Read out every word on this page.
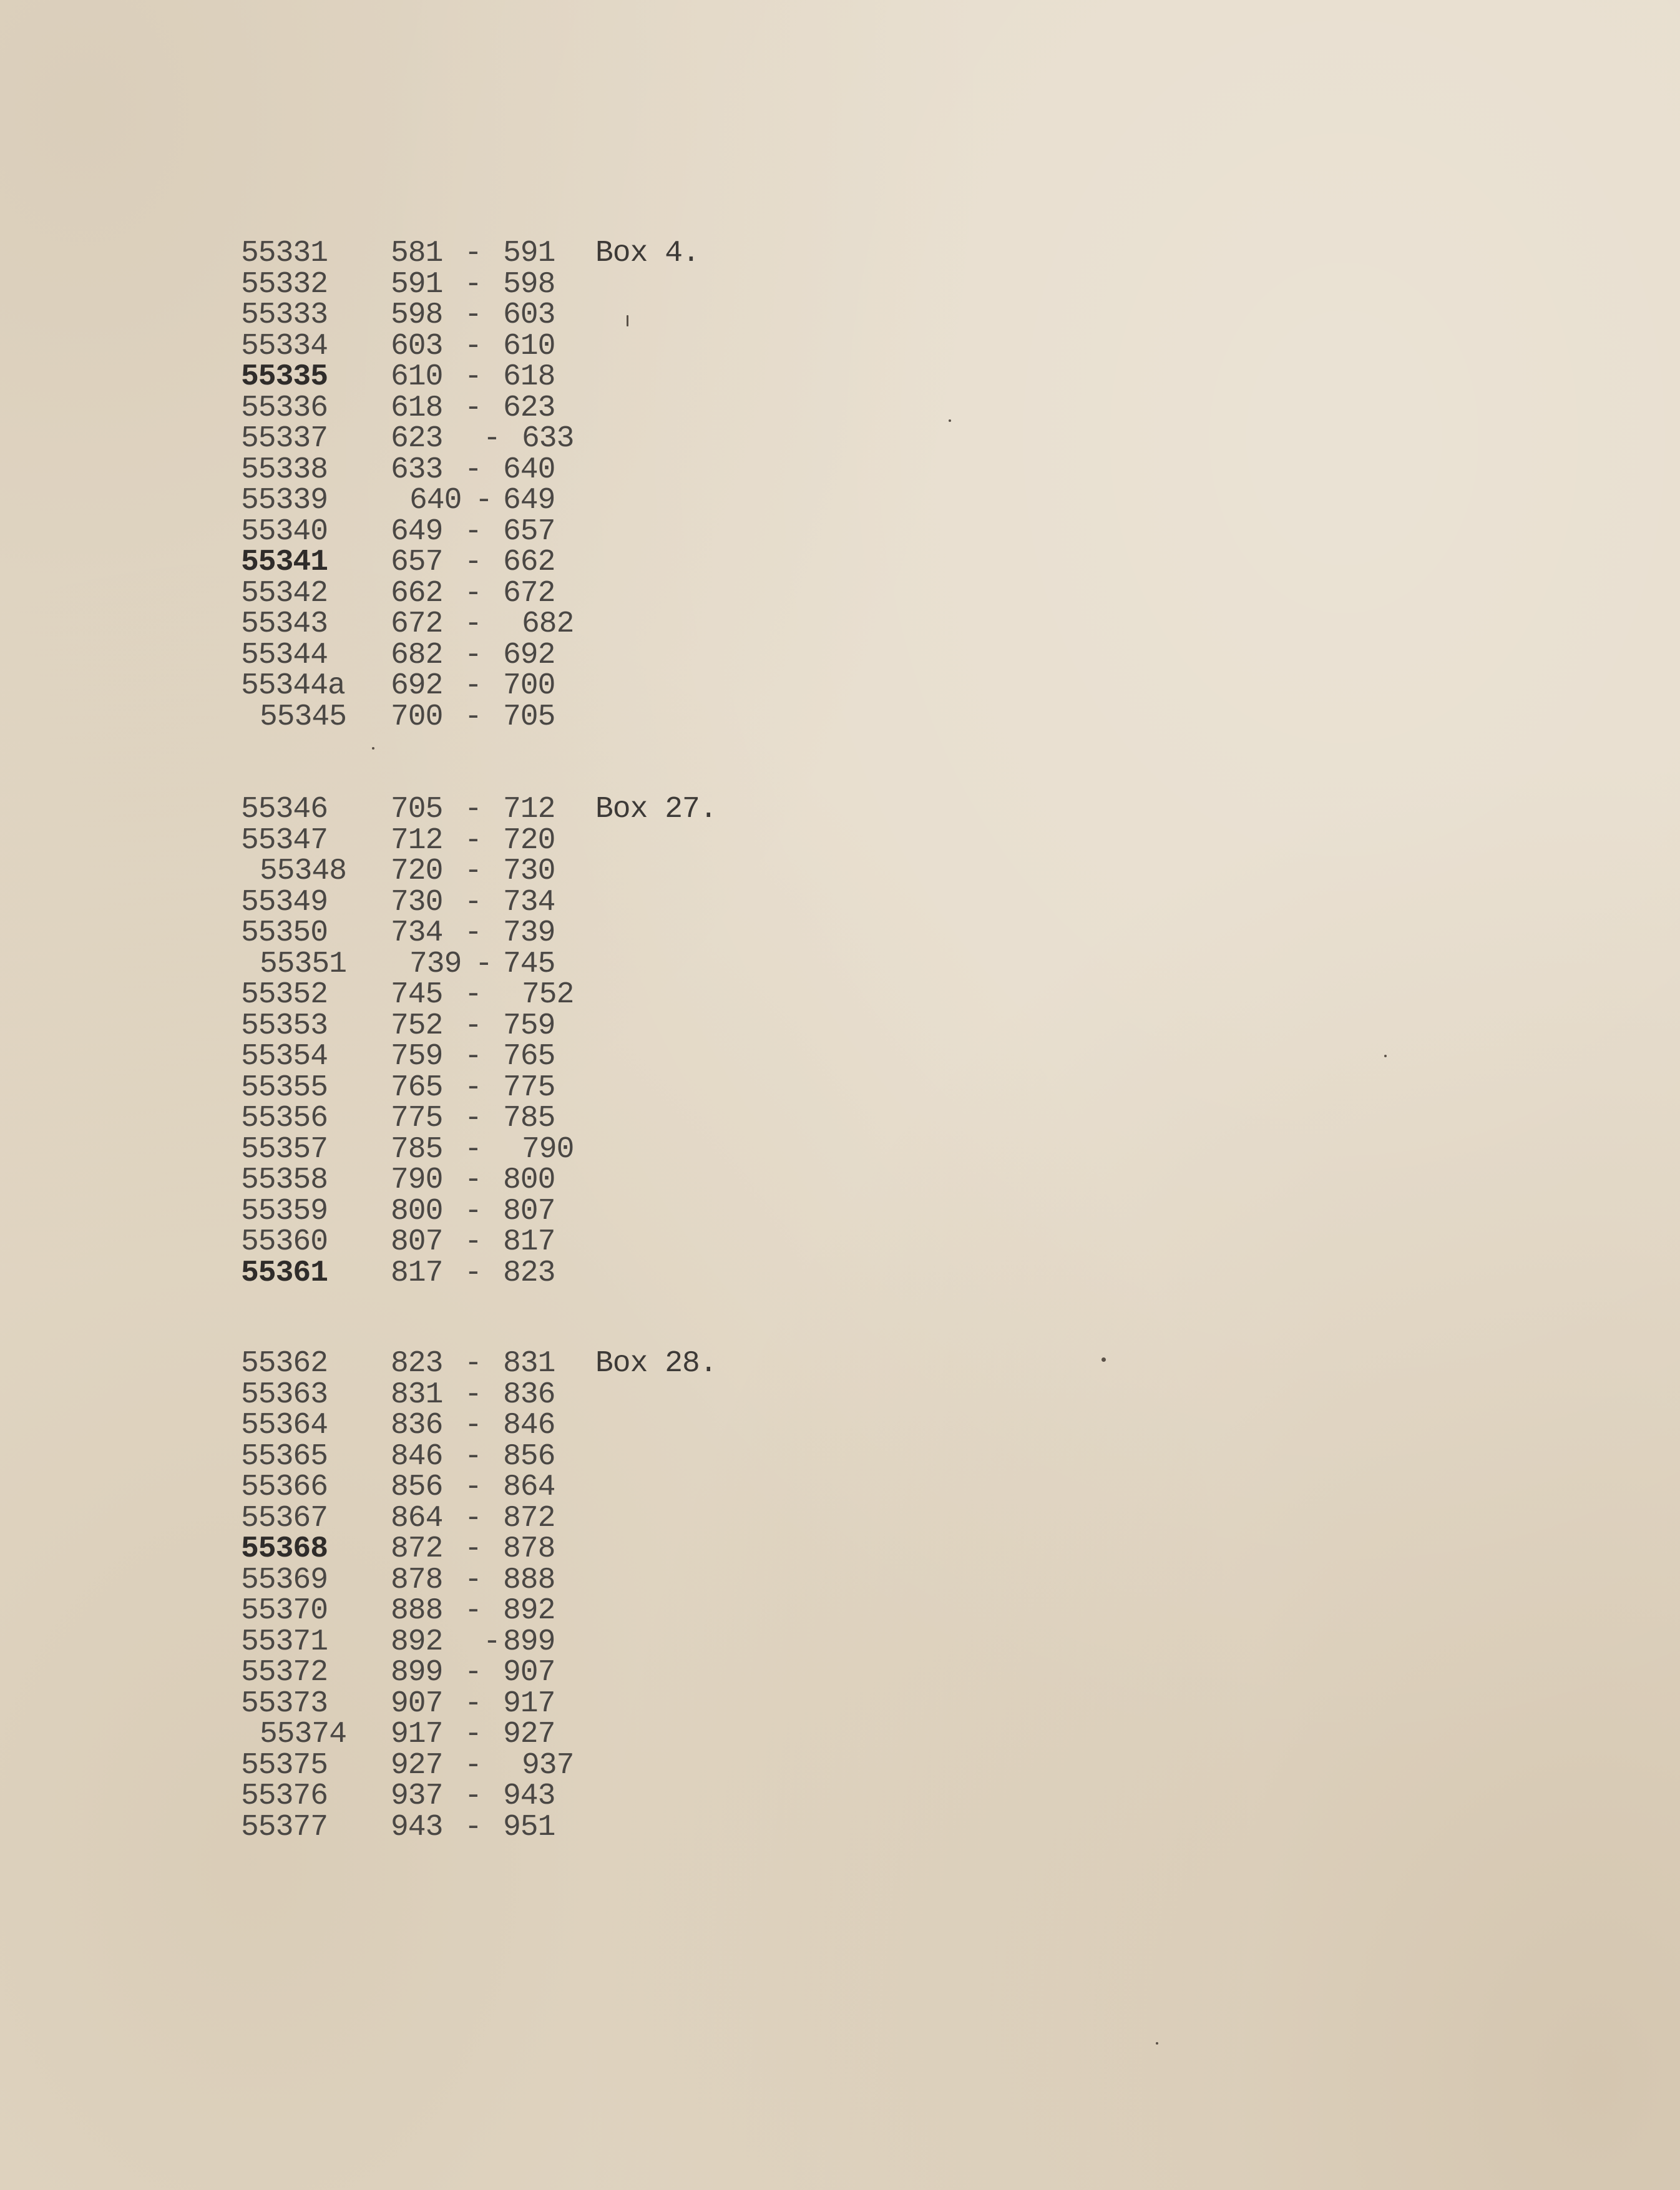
55331 581 - 591 Box 4.
55332 591 - 598
55333 598 - 603
55334 603 - 610
55335 610 - 618
55336 618 - 623
55337 623 - 633
55338 633 - 640
55339	640 - 649
55340 649 - 657
55341 657 - 662
55342 662 - 672
55343 672 - 682
55344 682 - 692
55344a 692 - 700
55345 700 - 705
55346 705 - 712 Box 27.
55347 712 - 720
55348 720 - 730
55349 730 - 734
55350 734 - 739
55351 739 - 745
55352 745 - 752
55353 752 - 759
55354 759 - 765
55355 765 - 775
55356 775 - 785
55357 785 - 790
55358 790 - 800
55359 800 - 807
55360 807 - 817
55361 817 - 823
55362 823 - 831 Box 28.
55363 831 - 836
55364 836 - 846
55365 846 - 856
55366 856 - 864
55367 864 - 872
55368 872 - 878
55369 878 - 888
55370 888 - 892
55371 892 - 899
55372 899 - 907
55373 907 - 917
55374 917 - 927
55375 927 - 937
55376 937 - 943
55377 943 - 951
